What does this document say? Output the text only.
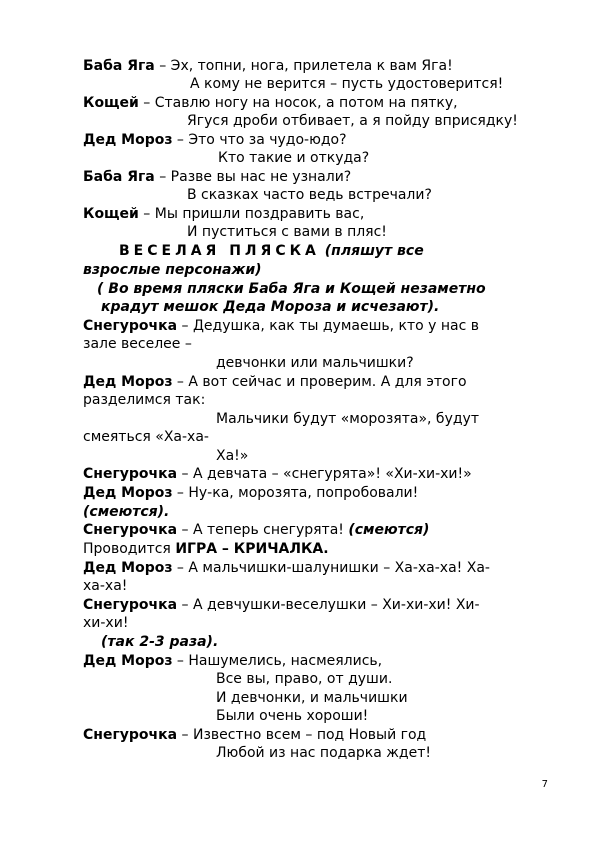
Баба Яга – Эх, топни, нога, прилетела к вам Яга!
А кому не верится – пусть удостоверится!
Кощей – Ставлю ногу на носок, а потом на пятку,
Ягуся дроби отбивает, а я пойду вприсядку!
Дед Мороз – Это что за чудо-юдо?
Кто такие и откуда?
Баба Яга – Разве вы нас не узнали?
В сказках часто ведь встречали?
Кощей – Мы пришли поздравить вас,
И пуститься с вами в пляс!
ВЕСЕЛАЯ ПЛЯСКА (пляшут все
взрослые персонажи)
( Во время пляски Баба Яга и Кощей незаметно
крадут мешок Деда Мороза и исчезают).
Снегурочка – Дедушка, как ты думаешь, кто у нас в
зале веселее –
девчонки или мальчишки?
Дед Мороз – А вот сейчас и проверим. А для этого
разделимся так:
Мальчики будут «морозята», будут
смеяться «Ха-ха-
Ха!»
Снегурочка – А девчата – «снегурята»! «Хи-хи-хи!»
Дед Мороз – Ну-ка, морозята, попробовали!
(смеются).
Снегурочка – А теперь снегурята! (смеются)
Проводится ИГРА – КРИЧАЛКА.
Дед Мороз – А мальчишки-шалунишки – Ха-ха-ха! Ха-
ха-ха!
Снегурочка – А девчушки-веселушки – Хи-хи-хи! Хи-
хи-хи!
(так 2-3 раза).
Дед Мороз – Нашумелись, насмеялись,
Все вы, право, от души.
И девчонки, и мальчишки
Были очень хороши!
Снегурочка – Известно всем – под Новый год
Любой из нас подарка ждет!
7
